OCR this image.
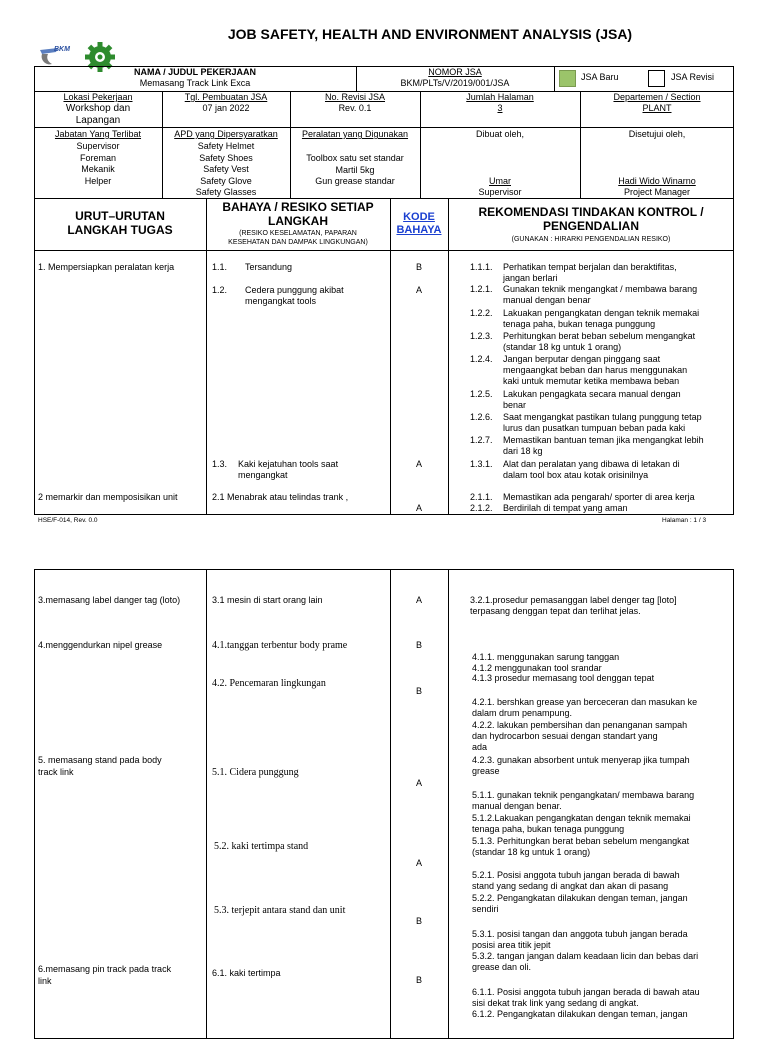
BKM
JOB SAFETY, HEALTH AND ENVIRONMENT ANALYSIS (JSA)
NAMA / JUDUL PEKERJAAN
Memasang Track Link Exca
NOMOR JSA
BKM/PLTs/V/2019/001/JSA
JSA Baru	JSA Revisi
Lokasi Pekerjaan
Workshop dan
Lapangan
Tgl. Pembuatan JSA
07 jan 2022
No. Revisi JSA
Rev. 0.1
Jumlah Halaman
3
Departemen / Section
PLANT
Jabatan Yang Terlibat
Supervisor
Foreman
Mekanik
Helper
APD yang Dipersyaratkan
Safety Helmet
Safety Shoes
Safety Vest
Safety Glove
Safety Glasses
Peralatan yang Digunakan
Toolbox satu set standar
Martil 5kg
Gun grease standar
Dibuat oleh,
Umar
Supervisor
Disetujui oleh,
Hadi Wido Winarno
Project Manager
URUT–URUTAN
LANGKAH TUGAS
BAHAYA / RESIKO SETIAP
LANGKAH
(RESIKO KESELAMATAN, PAPARAN
KESEHATAN DAN DAMPAK LINGKUNGAN)
KODE
BAHAYA
REKOMENDASI TINDAKAN KONTROL /
PENGENDALIAN
(GUNAKAN : HIRARKI PENGENDALIAN RESIKO)
1. Mempersiapkan peralatan kerja
2 memarkir dan memposisikan unit
1.1. Tersandung
1.2. Cedera punggung akibat
mengangkat tools
1.3. Kaki kejatuhan tools saat
mengangkat
2.1 Menabrak atau telindas trank ,
B
A
A
A
1.1.1. Perhatikan tempat berjalan dan beraktifitas,
jangan berlari
1.2.1. Gunakan teknik mengangkat / membawa barang
manual dengan benar
1.2.2. Lakuakan pengangkatan dengan teknik memakai
tenaga paha, bukan tenaga punggung
1.2.3. Perhitungkan berat beban sebelum mengangkat
(standar 18 kg untuk 1 orang)
1.2.4. Jangan berputar dengan pinggang saat
mengaangkat beban dan harus menggunakan
kaki untuk memutar ketika membawa beban
1.2.5. Lakukan pengagkata secara manual dengan
benar
1.2.6. Saat mengangkat pastikan tulang punggung tetap
lurus dan pusatkan tumpuan beban pada kaki
1.2.7. Memastikan bantuan teman jika mengangkat lebih
dari 18 kg
1.3.1. Alat dan peralatan yang dibawa di letakan di
dalam tool box atau kotak orisinilnya
2.1.1. Memastikan ada pengarah/ sporter di area kerja
2.1.2. Berdirilah di tempat yang aman
HSE/F-014, Rev. 0.0	Halaman : 1 / 3
3.memasang label danger tag (loto)
4.menggendurkan nipel grease
5. memasang stand pada body
track link
6.memasang pin track pada track
link
3.1 mesin di start orang lain
4.1.tanggan terbentur body prame
4.2. Pencemaran lingkungan
5.1. Cidera punggung
5.2. kaki tertimpa stand
5.3. terjepit antara stand dan unit
6.1. kaki tertimpa
A
B
B
A
A
B
B
3.2.1.prosedur pemasanggan label denger tag [loto]
terpasang denggan tepat dan terlihat jelas.
4.1.1. menggunakan sarung tanggan
4.1.2 menggunakan tool srandar
4.1.3 prosedur memasang tool denggan tepat
4.2.1. bershkan grease yan berceceran dan masukan ke
dalam drum penampung.
4.2.2. lakukan pembersihan dan penanganan sampah
dan hydrocarbon sesuai dengan standart yang
ada
4.2.3. gunakan absorbent untuk menyerap jika tumpah
grease
5.1.1. gunakan teknik pengangkatan/ membawa barang
manual dengan benar.
5.1.2.Lakuakan pengangkatan dengan teknik memakai
tenaga paha, bukan tenaga punggung
5.1.3. Perhitungkan berat beban sebelum mengangkat
(standar 18 kg untuk 1 orang)
5.2.1. Posisi anggota tubuh jangan berada di bawah
stand yang sedang di angkat dan akan di pasang
5.2.2. Pengangkatan dilakukan dengan teman, jangan
sendiri
5.3.1. posisi tangan dan anggota tubuh jangan berada
posisi area titik jepit
5.3.2. tangan jangan dalam keadaan licin dan bebas dari
grease dan oli.
6.1.1. Posisi anggota tubuh jangan berada di bawah atau
sisi dekat trak link yang sedang di angkat.
6.1.2. Pengangkatan dilakukan dengan teman, jangan
